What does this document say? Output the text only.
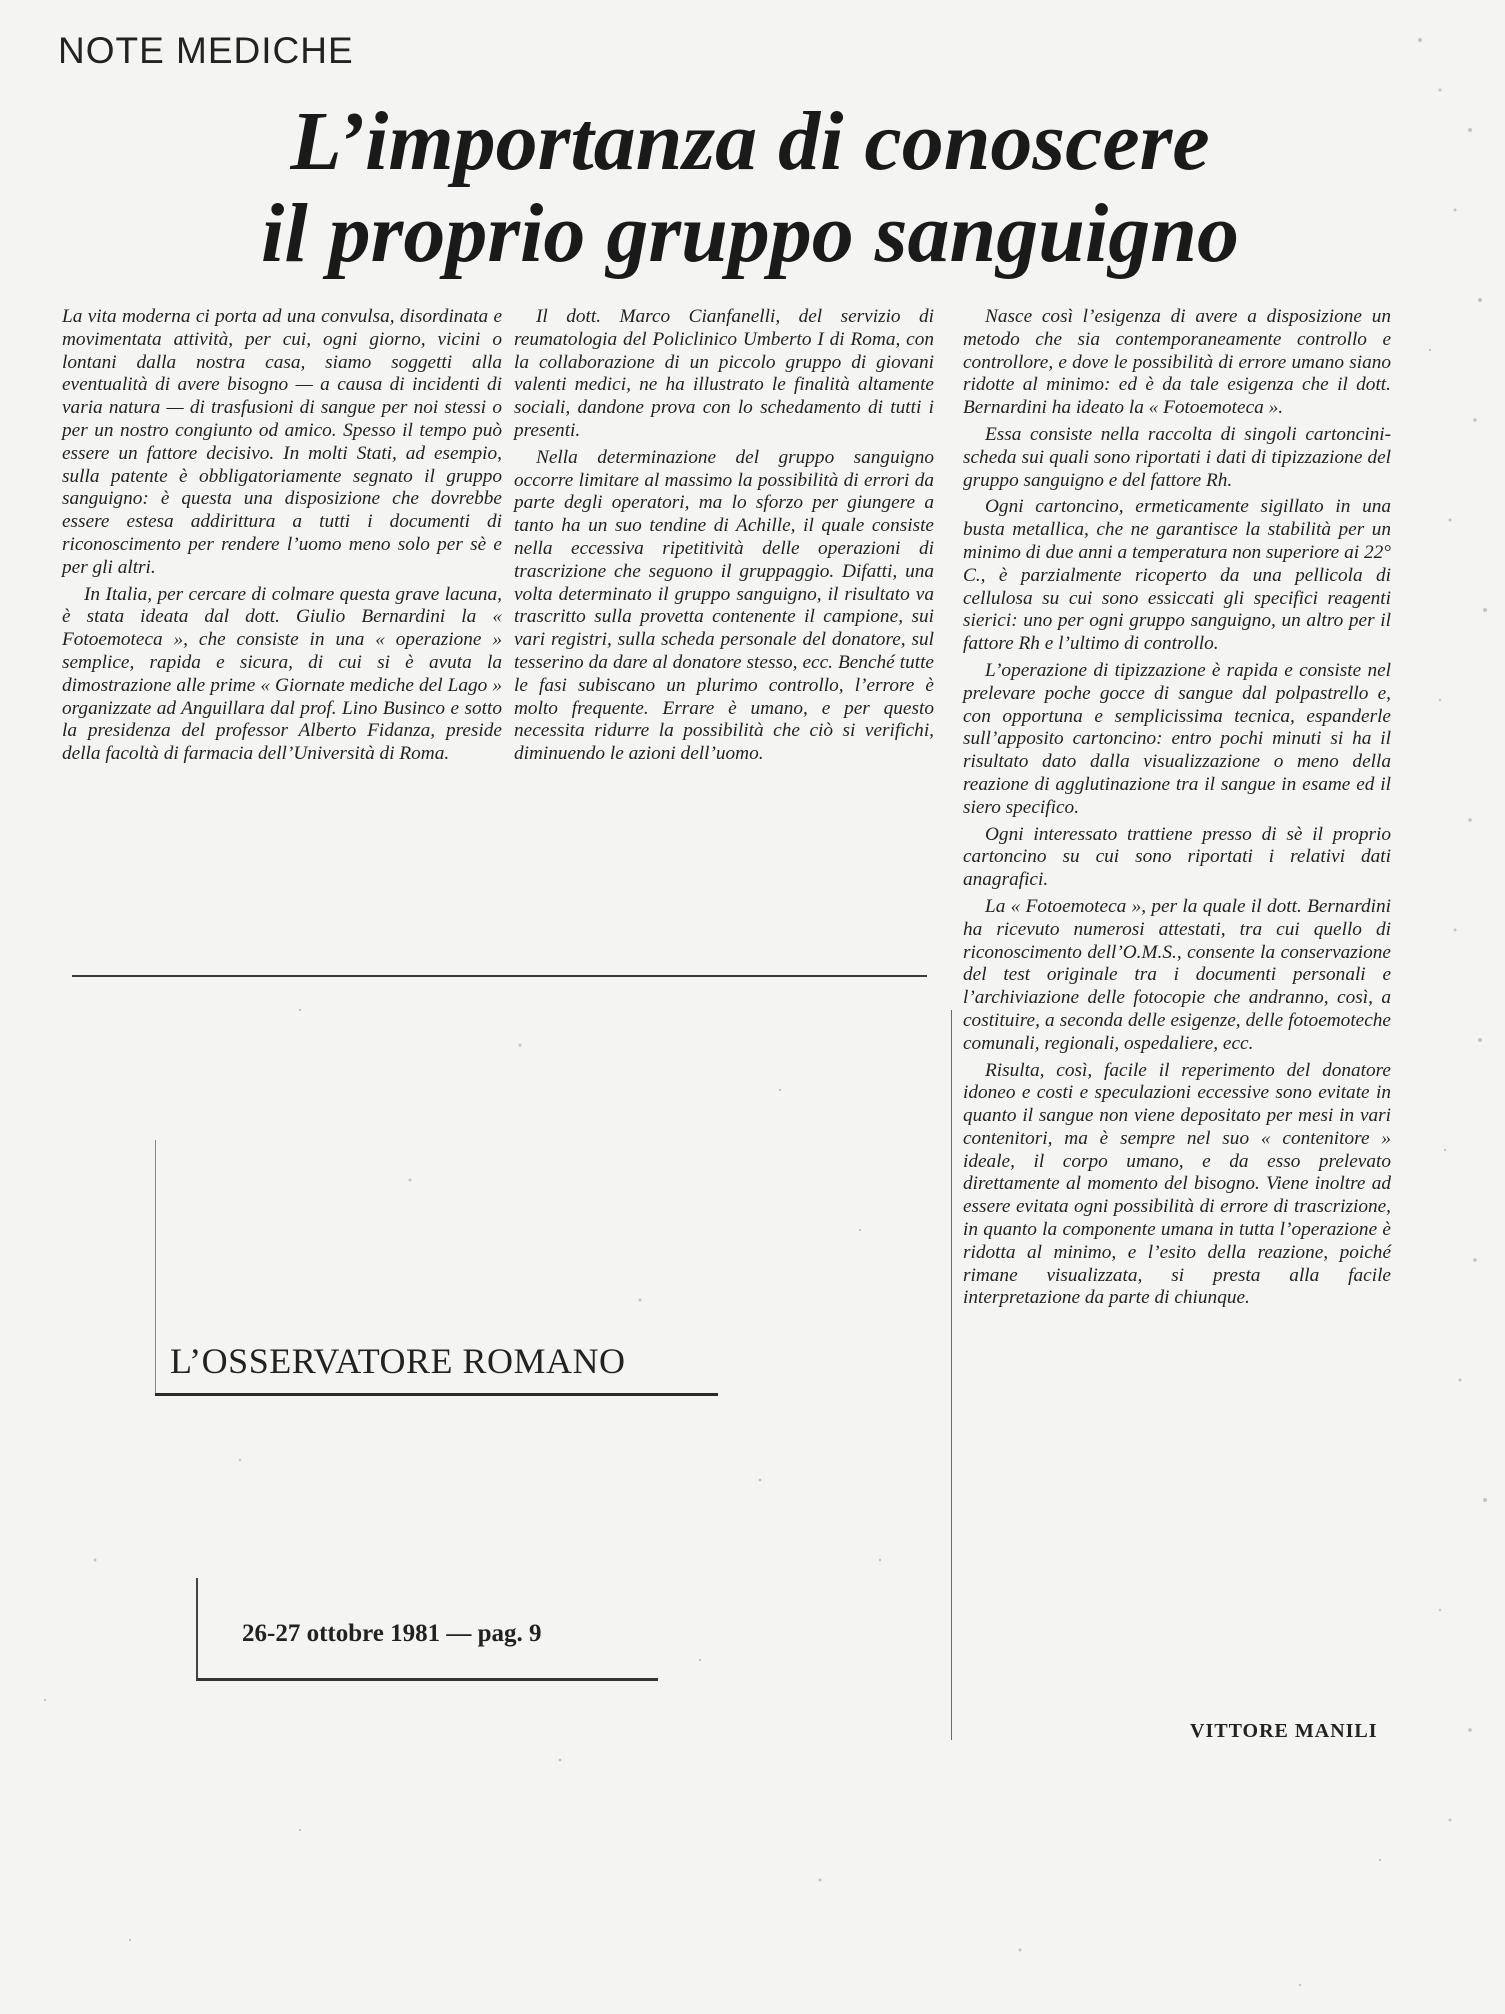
NOTE MEDICHE
L’importanza di conoscere
il proprio gruppo sanguigno

La vita moderna ci porta ad una convulsa, disordinata e movimentata attività, per cui, ogni giorno, vicini o lontani dalla nostra casa, siamo soggetti alla eventualità di avere bisogno — a causa di incidenti di varia natura — di trasfusioni di sangue per noi stessi o per un nostro congiunto od amico. Spesso il tempo può essere un fattore decisivo. In molti Stati, ad esempio, sulla patente è obbligatoriamente segnato il gruppo sanguigno: è questa una disposizione che dovrebbe essere estesa addirittura a tutti i documenti di riconoscimento per rendere l’uomo meno solo per sè e per gli altri.

In Italia, per cercare di colmare questa grave lacuna, è stata ideata dal dott. Giulio Bernardini la « Fotoemoteca », che consiste in una « operazione » semplice, rapida e sicura, di cui si è avuta la dimostrazione alle prime « Giornate mediche del Lago » organizzate ad Anguillara dal prof. Lino Businco e sotto la presidenza del professor Alberto Fidanza, preside della facoltà di farmacia dell’Università di Roma.

Il dott. Marco Cianfanelli, del servizio di reumatologia del Policlinico Umberto I di Roma, con la collaborazione di un piccolo gruppo di giovani valenti medici, ne ha illustrato le finalità altamente sociali, dandone prova con lo schedamento di tutti i presenti.

Nella determinazione del gruppo sanguigno occorre limitare al massimo la possibilità di errori da parte degli operatori, ma lo sforzo per giungere a tanto ha un suo tendine di Achille, il quale consiste nella eccessiva ripetitività delle operazioni di trascrizione che seguono il gruppaggio. Difatti, una volta determinato il gruppo sanguigno, il risultato va trascritto sulla provetta contenente il campione, sui vari registri, sulla scheda personale del donatore, sul tesserino da dare al donatore stesso, ecc. Benché tutte le fasi subiscano un plurimo controllo, l’errore è molto frequente. Errare è umano, e per questo necessita ridurre la possibilità che ciò si verifichi, diminuendo le azioni dell’uomo.

Nasce così l’esigenza di avere a disposizione un metodo che sia contemporaneamente controllo e controllore, e dove le possibilità di errore umano siano ridotte al minimo: ed è da tale esigenza che il dott. Bernardini ha ideato la « Fotoemoteca ».

Essa consiste nella raccolta di singoli cartoncini-scheda sui quali sono riportati i dati di tipizzazione del gruppo sanguigno e del fattore Rh.

Ogni cartoncino, ermeticamente sigillato in una busta metallica, che ne garantisce la stabilità per un minimo di due anni a temperatura non superiore ai 22° C., è parzialmente ricoperto da una pellicola di cellulosa su cui sono essiccati gli specifici reagenti sierici: uno per ogni gruppo sanguigno, un altro per il fattore Rh e l’ultimo di controllo.

L’operazione di tipizzazione è rapida e consiste nel prelevare poche gocce di sangue dal polpastrello e, con opportuna e semplicissima tecnica, espanderle sull’apposito cartoncino: entro pochi minuti si ha il risultato dato dalla visualizzazione o meno della reazione di agglutinazione tra il sangue in esame ed il siero specifico.

Ogni interessato trattiene presso di sè il proprio cartoncino su cui sono riportati i relativi dati anagrafici.

La « Fotoemoteca », per la quale il dott. Bernardini ha ricevuto numerosi attestati, tra cui quello di riconoscimento dell’O.M.S., consente la conservazione del test originale tra i documenti personali e l’archiviazione delle fotocopie che andranno, così, a costituire, a seconda delle esigenze, delle fotoemoteche comunali, regionali, ospedaliere, ecc.

Risulta, così, facile il reperimento del donatore idoneo e costi e speculazioni eccessive sono evitate in quanto il sangue non viene depositato per mesi in vari contenitori, ma è sempre nel suo « contenitore » ideale, il corpo umano, e da esso prelevato direttamente al momento del bisogno. Viene inoltre ad essere evitata ogni possibilità di errore di trascrizione, in quanto la componente umana in tutta l’operazione è ridotta al minimo, e l’esito della reazione, poiché rimane visualizzata, si presta alla facile interpretazione da parte di chiunque.

VITTORE MANILI
L’OSSERVATORE ROMANO
26-27 ottobre 1981 — pag. 9
